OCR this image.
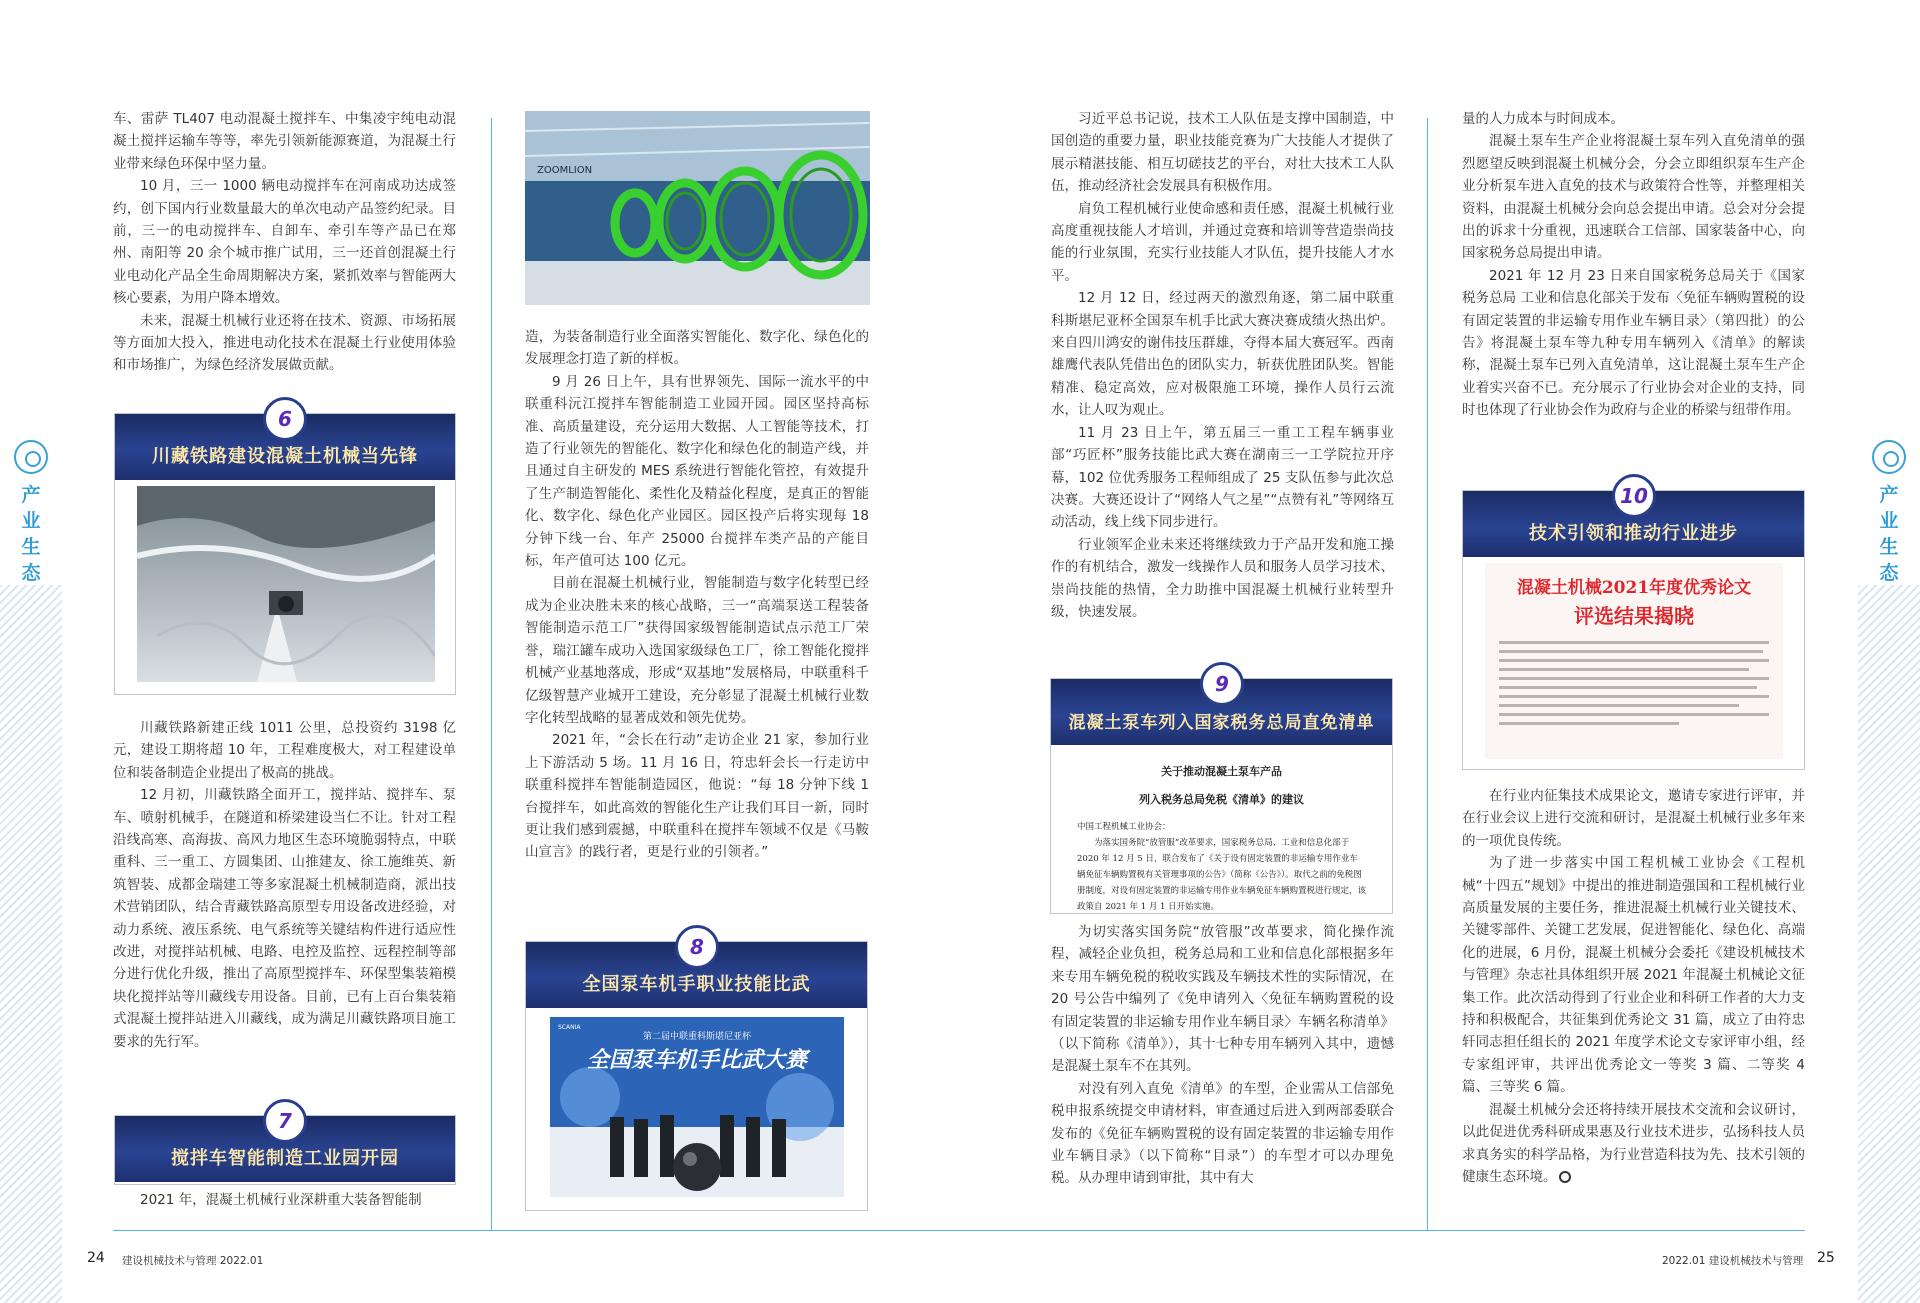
产
业
生
态

车、雷萨 TL407 电动混凝土搅拌车、中集凌宇纯电动混凝土搅拌运输车等等，率先引领新能源赛道，为混凝土行业带来绿色环保中坚力量。

10 月，三一 1000 辆电动搅拌车在河南成功达成签约，创下国内行业数量最大的单次电动产品签约纪录。目前，三一的电动搅拌车、自卸车、牵引车等产品已在郑州、南阳等 20 余个城市推广试用，三一还首创混凝土行业电动化产品全生命周期解决方案，紧抓效率与智能两大核心要素，为用户降本增效。

未来，混凝土机械行业还将在技术、资源、市场拓展等方面加大投入，推进电动化技术在混凝土行业使用体验和市场推广，为绿色经济发展做贡献。

川藏铁路建设混凝土机械当先锋
6

川藏铁路新建正线 1011 公里，总投资约 3198 亿元，建设工期将超 10 年，工程难度极大，对工程建设单位和装备制造企业提出了极高的挑战。

12 月初，川藏铁路全面开工，搅拌站、搅拌车、泵车、喷射机械手，在隧道和桥梁建设当仁不让。针对工程沿线高寒、高海拔、高风力地区生态环境脆弱特点，中联重科、三一重工、方圆集团、山推建友、徐工施维英、新筑智装、成都金瑞建工等多家混凝土机械制造商，派出技术营销团队，结合青藏铁路高原型专用设备改进经验，对动力系统、液压系统、电气系统等关键结构件进行适应性改进，对搅拌站机械、电路、电控及监控、远程控制等部分进行优化升级，推出了高原型搅拌车、环保型集装箱模块化搅拌站等川藏线专用设备。目前，已有上百台集装箱式混凝土搅拌站进入川藏线，成为满足川藏铁路项目施工要求的先行军。

搅拌车智能制造工业园开园
7

2021 年，混凝土机械行业深耕重大装备智能制

ZOOMLION

造，为装备制造行业全面落实智能化、数字化、绿色化的发展理念打造了新的样板。

9 月 26 日上午，具有世界领先、国际一流水平的中联重科沅江搅拌车智能制造工业园开园。园区坚持高标准、高质量建设，充分运用大数据、人工智能等技术，打造了行业领先的智能化、数字化和绿色化的制造产线，并且通过自主研发的 MES 系统进行智能化管控，有效提升了生产制造智能化、柔性化及精益化程度，是真正的智能化、数字化、绿色化产业园区。园区投产后将实现每 18 分钟下线一台、年产 25000 台搅拌车类产品的产能目标，年产值可达 100 亿元。

目前在混凝土机械行业，智能制造与数字化转型已经成为企业决胜未来的核心战略，三一“高端泵送工程装备智能制造示范工厂”获得国家级智能制造试点示范工厂荣誉，瑞江罐车成功入选国家级绿色工厂，徐工智能化搅拌机械产业基地落成，形成“双基地”发展格局，中联重科千亿级智慧产业城开工建设，充分彰显了混凝土机械行业数字化转型战略的显著成效和领先优势。

2021 年，“会长在行动”走访企业 21 家，参加行业上下游活动 5 场。11 月 16 日，符忠轩会长一行走访中联重科搅拌车智能制造园区，他说：“每 18 分钟下线 1 台搅拌车，如此高效的智能化生产让我们耳目一新，同时更让我们感到震撼，中联重科在搅拌车领域不仅是《马鞍山宣言》的践行者，更是行业的引领者。”

全国泵车机手职业技能比武
第二届中联重科斯堪尼亚杯
全国泵车机手比武大赛
SCANIA
8
24 建设机械技术与管理 2022.01
产
业
生
态

习近平总书记说，技术工人队伍是支撑中国制造，中国创造的重要力量，职业技能竞赛为广大技能人才提供了展示精湛技能、相互切磋技艺的平台，对壮大技术工人队伍，推动经济社会发展具有积极作用。

肩负工程机械行业使命感和责任感，混凝土机械行业高度重视技能人才培训，并通过竞赛和培训等营造崇尚技能的行业氛围，充实行业技能人才队伍，提升技能人才水平。

12 月 12 日，经过两天的激烈角逐，第二届中联重科斯堪尼亚杯全国泵车机手比武大赛决赛成绩火热出炉。来自四川鸿安的谢伟技压群雄，夺得本届大赛冠军。西南雄鹰代表队凭借出色的团队实力，斩获优胜团队奖。智能精准、稳定高效，应对极限施工环境，操作人员行云流水，让人叹为观止。

11 月 23 日上午，第五届三一重工工程车辆事业部“巧匠杯”服务技能比武大赛在湖南三一工学院拉开序幕，102 位优秀服务工程师组成了 25 支队伍参与此次总决赛。大赛还设计了“网络人气之星”“点赞有礼”等网络互动活动，线上线下同步进行。

行业领军企业未来还将继续致力于产品开发和施工操作的有机结合，激发一线操作人员和服务人员学习技术、崇尚技能的热情，全力助推中国混凝土机械行业转型升级，快速发展。

混凝土泵车列入国家税务总局直免清单
关于推动混凝土泵车产品
列入税务总局免税《清单》的建议
中国工程机械工业协会：
为落实国务院“放管服”改革要求，国家税务总局、工业和信息化部于 2020 年 12 月 5 日，联合发布了《关于设有固定装置的非运输专用作业车辆免征车辆购置税有关管理事项的公告》（简称《公告》）。取代之前的免税图册制度，对设有固定装置的非运输专用作业车辆免征车辆购置税进行规定，该政策自 2021 年 1 月 1 日开始实施。
9

为切实落实国务院“放管服”改革要求，简化操作流程，减轻企业负担，税务总局和工业和信息化部根据多年来专用车辆免税的税收实践及车辆技术性的实际情况，在 20 号公告中编列了《免申请列入〈免征车辆购置税的设有固定装置的非运输专用作业车辆目录〉车辆名称清单》（以下简称《清单》），其十七种专用车辆列入其中，遗憾是混凝土泵车不在其列。

对没有列入直免《清单》的车型，企业需从工信部免税申报系统提交申请材料，审查通过后进入到两部委联合发布的《免征车辆购置税的设有固定装置的非运输专用作业车辆目录》（以下简称“目录”）的车型才可以办理免税。从办理申请到审批，其中有大

量的人力成本与时间成本。

混凝土泵车生产企业将混凝土泵车列入直免清单的强烈愿望反映到混凝土机械分会，分会立即组织泵车生产企业分析泵车进入直免的技术与政策符合性等，并整理相关资料，由混凝土机械分会向总会提出申请。总会对分会提出的诉求十分重视，迅速联合工信部、国家装备中心，向国家税务总局提出申请。

2021 年 12 月 23 日来自国家税务总局关于《国家税务总局 工业和信息化部关于发布〈免征车辆购置税的设有固定装置的非运输专用作业车辆目录〉（第四批）的公告》将混凝土泵车等九种专用车辆列入《清单》的解读称，混凝土泵车已列入直免清单，这让混凝土泵车生产企业着实兴奋不已。充分展示了行业协会对企业的支持，同时也体现了行业协会作为政府与企业的桥梁与纽带作用。

技术引领和推动行业进步
混凝土机械2021年度优秀论文
评选结果揭晓
10

在行业内征集技术成果论文，邀请专家进行评审，并在行业会议上进行交流和研讨，是混凝土机械行业多年来的一项优良传统。

为了进一步落实中国工程机械工业协会《工程机械“十四五”规划》中提出的推进制造强国和工程机械行业高质量发展的主要任务，推进混凝土机械行业关键技术、关键零部件、关键工艺发展，促进智能化、绿色化、高端化的进展，6 月份，混凝土机械分会委托《建设机械技术与管理》杂志社具体组织开展 2021 年混凝土机械论文征集工作。此次活动得到了行业企业和科研工作者的大力支持和积极配合，共征集到优秀论文 31 篇，成立了由符忠轩同志担任组长的 2021 年度学术论文专家评审小组，经专家组评审，共评出优秀论文一等奖 3 篇、二等奖 4 篇、三等奖 6 篇。

混凝土机械分会还将持续开展技术交流和会议研讨，以此促进优秀科研成果惠及行业技术进步，弘扬科技人员求真务实的科学品格，为行业营造科技为先、技术引领的健康生态环境。

2022.01 建设机械技术与管理 25
